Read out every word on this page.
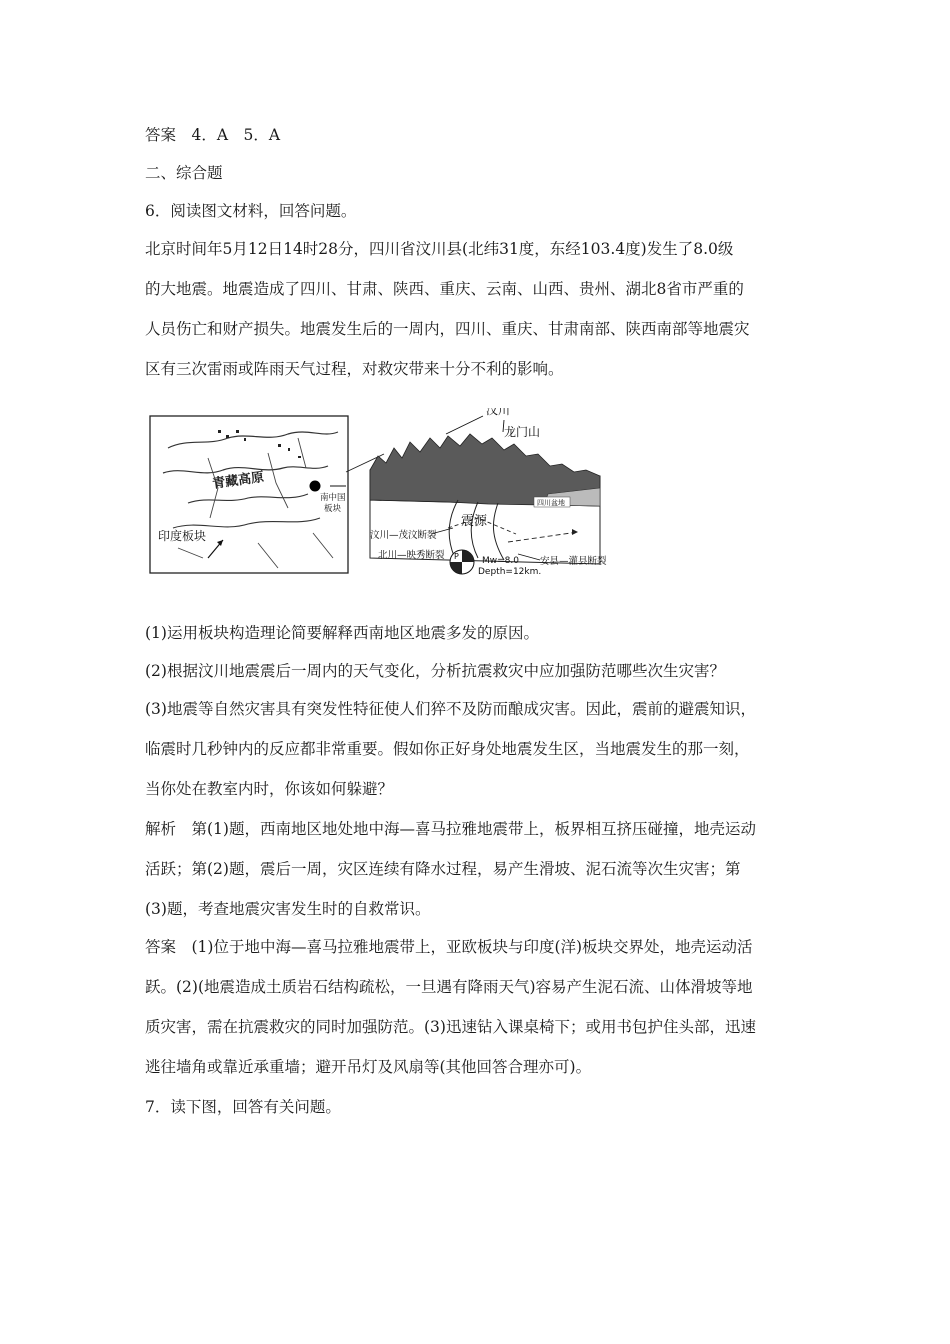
答案　4．A　5．A
二、综合题
6．阅读图文材料，回答问题。
北京时间年5月12日14时28分，四川省汶川县(北纬31度，东经103.4度)发生了8.0级
的大地震。地震造成了四川、甘肃、陕西、重庆、云南、山西、贵州、湖北8省市严重的
人员伤亡和财产损失。地震发生后的一周内，四川、重庆、甘肃南部、陕西南部等地震灾
区有三次雷雨或阵雨天气过程，对救灾带来十分不利的影响。
青藏高原
印度板块
南中国
板块
四川盆地
震源
汶川
龙门山
汶川—茂汶断裂
北川—映秀断裂
安县—灌县断裂
P	Mw=8.0
Depth=12km.
(1)运用板块构造理论简要解释西南地区地震多发的原因。
(2)根据汶川地震震后一周内的天气变化，分析抗震救灾中应加强防范哪些次生灾害？
(3)地震等自然灾害具有突发性特征使人们猝不及防而酿成灾害。因此，震前的避震知识，
临震时几秒钟内的反应都非常重要。假如你正好身处地震发生区，当地震发生的那一刻，
当你处在教室内时，你该如何躲避？
解析　第(1)题，西南地区地处地中海—喜马拉雅地震带上，板界相互挤压碰撞，地壳运动
活跃；第(2)题，震后一周，灾区连续有降水过程，易产生滑坡、泥石流等次生灾害；第
(3)题，考查地震灾害发生时的自救常识。
答案　(1)位于地中海—喜马拉雅地震带上，亚欧板块与印度(洋)板块交界处，地壳运动活
跃。(2)(地震造成土质岩石结构疏松，一旦遇有降雨天气)容易产生泥石流、山体滑坡等地
质灾害，需在抗震救灾的同时加强防范。(3)迅速钻入课桌椅下；或用书包护住头部，迅速
逃往墙角或靠近承重墙；避开吊灯及风扇等(其他回答合理亦可)。
7．读下图，回答有关问题。
